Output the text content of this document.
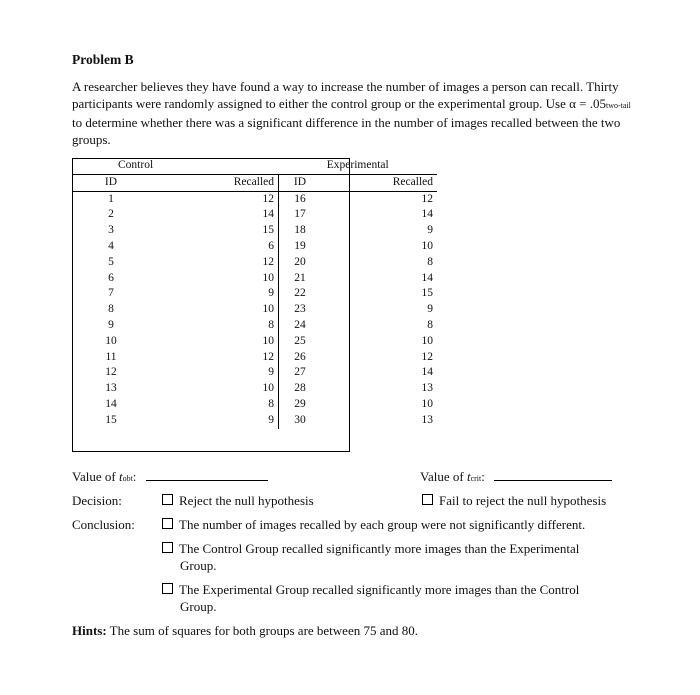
Problem B
A researcher believes they have found a way to increase the number of images a person can recall. Thirty participants were randomly assigned to either the control group or the experimental group. Use α = .05two-tail to determine whether there was a significant difference in the number of images recalled between the two groups.
Control		Experimental	
ID	Recalled	ID	Recalled
1	12	16	12
2	14	17	14
3	15	18	9
4	6	19	10
5	12	20	8
6	10	21	14
7	9	22	15
8	10	23	9
9	8	24	8
10	10	25	10
11	12	26	12
12	9	27	14
13	10	28	13
14	8	29	10
15	9	30	13
Value of tobt:	Value of tcrit:
Decision:	Reject the null hypothesis	Fail to reject the null hypothesis
Conclusion:	The number of images recalled by each group were not significantly different.
The Control Group recalled significantly more images than the Experimental
Group.
The Experimental Group recalled significantly more images than the Control
Group.
Hints: The sum of squares for both groups are between 75 and 80.
